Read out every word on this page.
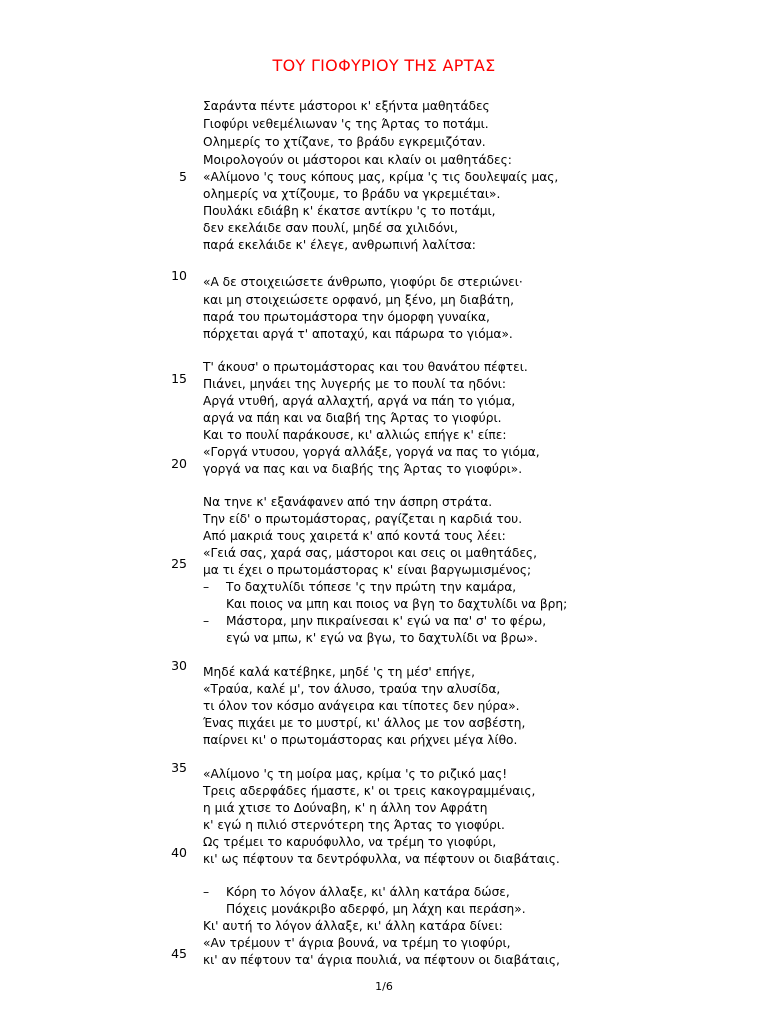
ΤΟΥ ΓΙΟΦΥΡΙΟΥ ΤΗΣ ΑΡΤΑΣ
Σαράντα πέντε μάστοροι κ' εξήντα μαθητάδες
Γιοφύρι νεθεμέλιωναν 'ς της Άρτας το ποτάμι.
Ολημερίς το χτίζανε, το βράδυ εγκρεμιζόταν.
Μοιρολογούν οι μάστοροι και κλαίν οι μαθητάδες:
«Αλίμονο 'ς τους κόπους μας, κρίμα 'ς τις δουλεψαίς μας,
ολημερίς να χτίζουμε, το βράδυ να γκρεμιέται».
Πουλάκι εδιάβη κ' έκατσε αντίκρυ 'ς το ποτάμι,
δεν εκελάιδε σαν πουλί, μηδέ σα χιλιδόνι,
παρά εκελάιδε κ' έλεγε, ανθρωπινή λαλίτσα:
«Α δε στοιχειώσετε άνθρωπο, γιοφύρι δε στεριώνει·
και μη στοιχειώσετε ορφανό, μη ξένο, μη διαβάτη,
παρά του πρωτομάστορα την όμορφη γυναίκα,
πόρχεται αργά τ' αποταχύ, και πάρωρα το γιόμα».
Τ' άκουσ' ο πρωτομάστορας και του θανάτου πέφτει.
Πιάνει, μηνάει της λυγερής με το πουλί τα ηδόνι:
Αργά ντυθή, αργά αλλαχτή, αργά να πάη το γιόμα,
αργά να πάη και να διαβή της Άρτας το γιοφύρι.
Και το πουλί παράκουσε, κι' αλλιώς επήγε κ' είπε:
«Γοργά ντυσου, γοργά αλλάξε, γοργά να πας το γιόμα,
γοργά να πας και να διαβής της Άρτας το γιοφύρι».
Να τηνε κ' εξανάφανεν από την άσπρη στράτα.
Την είδ' ο πρωτομάστορας, ραγίζεται η καρδιά του.
Από μακριά τους χαιρετά κ' από κοντά τους λέει:
«Γειά σας, χαρά σας, μάστοροι και σεις οι μαθητάδες,
μα τι έχει ο πρωτομάστορας κ' είναι βαργωμισμένος;
– Το δαχτυλίδι τόπεσε 'ς την πρώτη την καμάρα,
Και ποιος να μπη και ποιος να βγη το δαχτυλίδι να βρη;
– Μάστορα, μην πικραίνεσαι κ' εγώ να πα' σ' το φέρω,
εγώ να μπω, κ' εγώ να βγω, το δαχτυλίδι να βρω».
Μηδέ καλά κατέβηκε, μηδέ 'ς τη μέσ' επήγε,
«Τραύα, καλέ μ', τον άλυσο, τραύα την αλυσίδα,
τι όλον τον κόσμο ανάγειρα και τίποτες δεν ηύρα».
Ένας πιχάει με το μυστρί, κι' άλλος με τον ασβέστη,
παίρνει κι' ο πρωτομάστορας και ρήχνει μέγα λίθο.
«Αλίμονο 'ς τη μοίρα μας, κρίμα 'ς το ριζικό μας!
Τρεις αδερφάδες ήμαστε, κ' οι τρεις κακογραμμέναις,
η μιά χτισε το Δούναβη, κ' η άλλη τον Αφράτη
κ' εγώ η πιλιό στερνότερη της Άρτας το γιοφύρι.
Ως τρέμει το καρυόφυλλο, να τρέμη το γιοφύρι,
κι' ως πέφτουν τα δεντρόφυλλα, να πέφτουν οι διαβάταις.
– Κόρη το λόγον άλλαξε, κι' άλλη κατάρα δώσε,
Πόχεις μονάκριβο αδερφό, μη λάχη και περάση».
Κι' αυτή το λόγον άλλαξε, κι' άλλη κατάρα δίνει:
«Αν τρέμουν τ' άγρια βουνά, να τρέμη το γιοφύρι,
κι' αν πέφτουν τα' άγρια πουλιά, να πέφτουν οι διαβάταις,
5
10
15
20
25
30
35
40
45
1/6
